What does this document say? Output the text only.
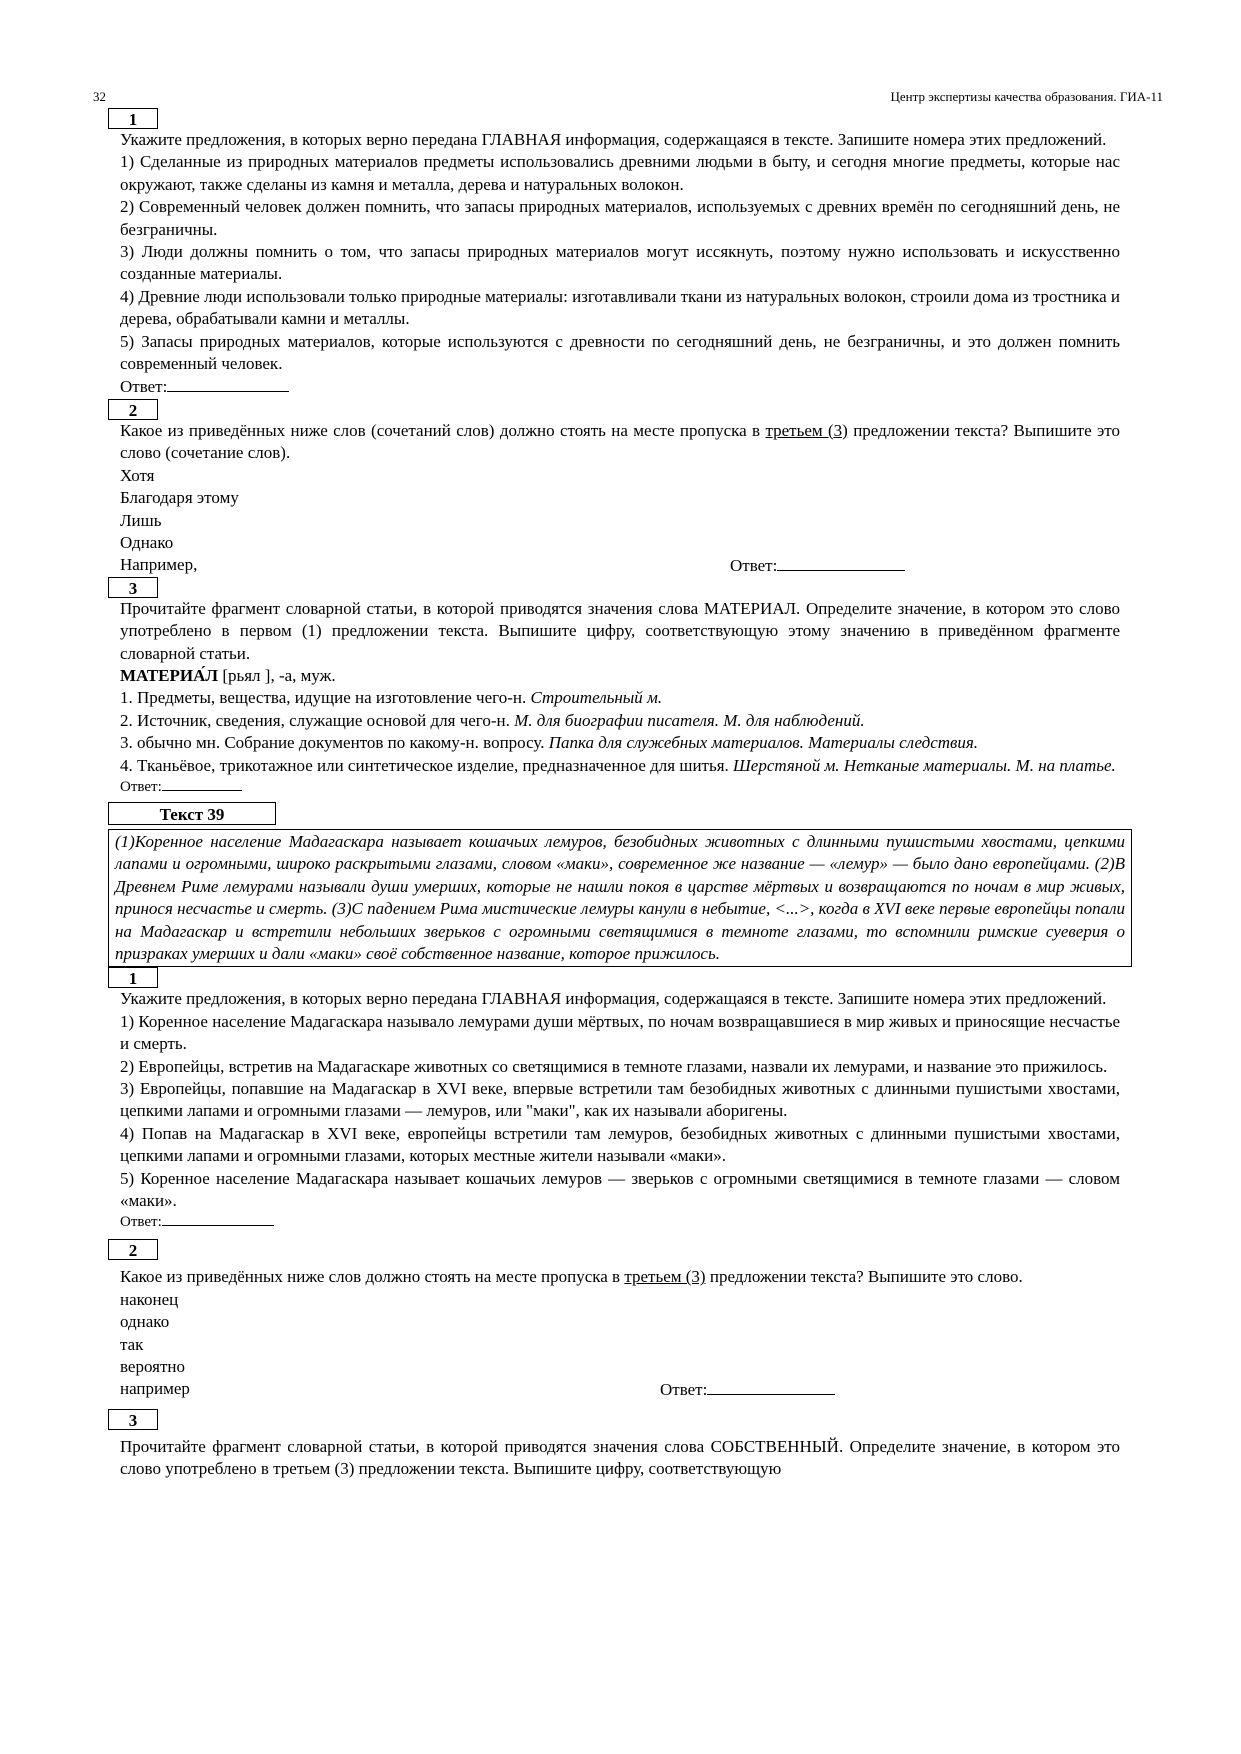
32	Центр экспертизы качества образования. ГИА-11
1

Укажите предложения, в которых верно передана ГЛАВНАЯ информация, содержащаяся в тексте. Запишите номера этих предложений.

1) Сделанные из природных материалов предметы использовались древними людьми в быту, и сегодня многие предметы, которые нас окружают, также сделаны из камня и металла, дерева и натуральных волокон.

2) Современный человек должен помнить, что запасы природных материалов, используемых с древних времён по сегодняшний день, не безграничны.

3) Люди должны помнить о том, что запасы природных материалов могут иссякнуть, поэтому нужно использовать и искусственно созданные материалы.

4) Древние люди использовали только природные материалы: изготавливали ткани из натуральных волокон, строили дома из тростника и дерева, обрабатывали камни и металлы.

5) Запасы природных материалов, которые используются с древности по сегодняшний день, не безграничны, и это должен помнить современный человек.

Ответ:

2

Какое из приведённых ниже слов (сочетаний слов) должно стоять на месте пропуска в третьем (3) предложении текста? Выпишите это слово (сочетание слов).

Хотя
Благодаря этому
Лишь
Однако
Например,	Ответ:
3

Прочитайте фрагмент словарной статьи, в которой приводятся значения слова МАТЕРИАЛ. Определите значение, в котором это слово употреблено в первом (1) предложении текста. Выпишите цифру, соответствующую этому значению в приведённом фрагменте словарной статьи.

МАТЕРИА́Л [рьял ], -а, муж.

1. Предметы, вещества, идущие на изготовление чего-н. Строительный м.

2. Источник, сведения, служащие основой для чего-н. М. для биографии писателя. М. для наблюдений.

3. обычно мн. Собрание документов по какому-н. вопросу. Папка для служебных материалов. Материалы следствия.

4. Тканьёвое, трикотажное или синтетическое изделие, предназначенное для шитья. Шерстяной м. Нетканые материалы. М. на платье.

Ответ:

Текст 39
(1)Коренное население Мадагаскара называет кошачьих лемуров, безобидных животных с длинными пушистыми хвостами, цепкими лапами и огромными, широко раскрытыми глазами, словом «маки», современное же название — «лемур» — было дано европейцами. (2)В Древнем Риме лемурами называли души умерших, которые не нашли покоя в царстве мёртвых и возвращаются по ночам в мир живых, принося несчастье и смерть. (3)С падением Рима мистические лемуры канули в небытие, <...>, когда в XVI веке первые европейцы попали на Мадагаскар и встретили небольших зверьков с огромными светящимися в темноте глазами, то вспомнили римские суеверия о призраках умерших и дали «маки» своё собственное название, которое прижилось.
1

Укажите предложения, в которых верно передана ГЛАВНАЯ информация, содержащаяся в тексте. Запишите номера этих предложений.

1) Коренное население Мадагаскара называло лемурами души мёртвых, по ночам возвращавшиеся в мир живых и приносящие несчастье и смерть.

2) Европейцы, встретив на Мадагаскаре животных со светящимися в темноте глазами, назвали их лемурами, и название это прижилось.

3) Европейцы, попавшие на Мадагаскар в XVI веке, впервые встретили там безобидных животных с длинными пушистыми хвостами, цепкими лапами и огромными глазами — лемуров, или "маки", как их называли аборигены.

4) Попав на Мадагаскар в XVI веке, европейцы встретили там лемуров, безобидных животных с длинными пушистыми хвостами, цепкими лапами и огромными глазами, которых местные жители называли «маки».

5) Коренное население Мадагаскара называет кошачьих лемуров — зверьков с огромными светящимися в темноте глазами — словом «маки».

Ответ:

2

Какое из приведённых ниже слов должно стоять на месте пропуска в третьем (3) предложении текста? Выпишите это слово.

наконец
однако
так
вероятно
например	Ответ:
3

Прочитайте фрагмент словарной статьи, в которой приводятся значения слова СОБСТВЕННЫЙ. Определите значение, в котором это слово употреблено в третьем (3) предложении текста. Выпишите цифру, соответствующую
